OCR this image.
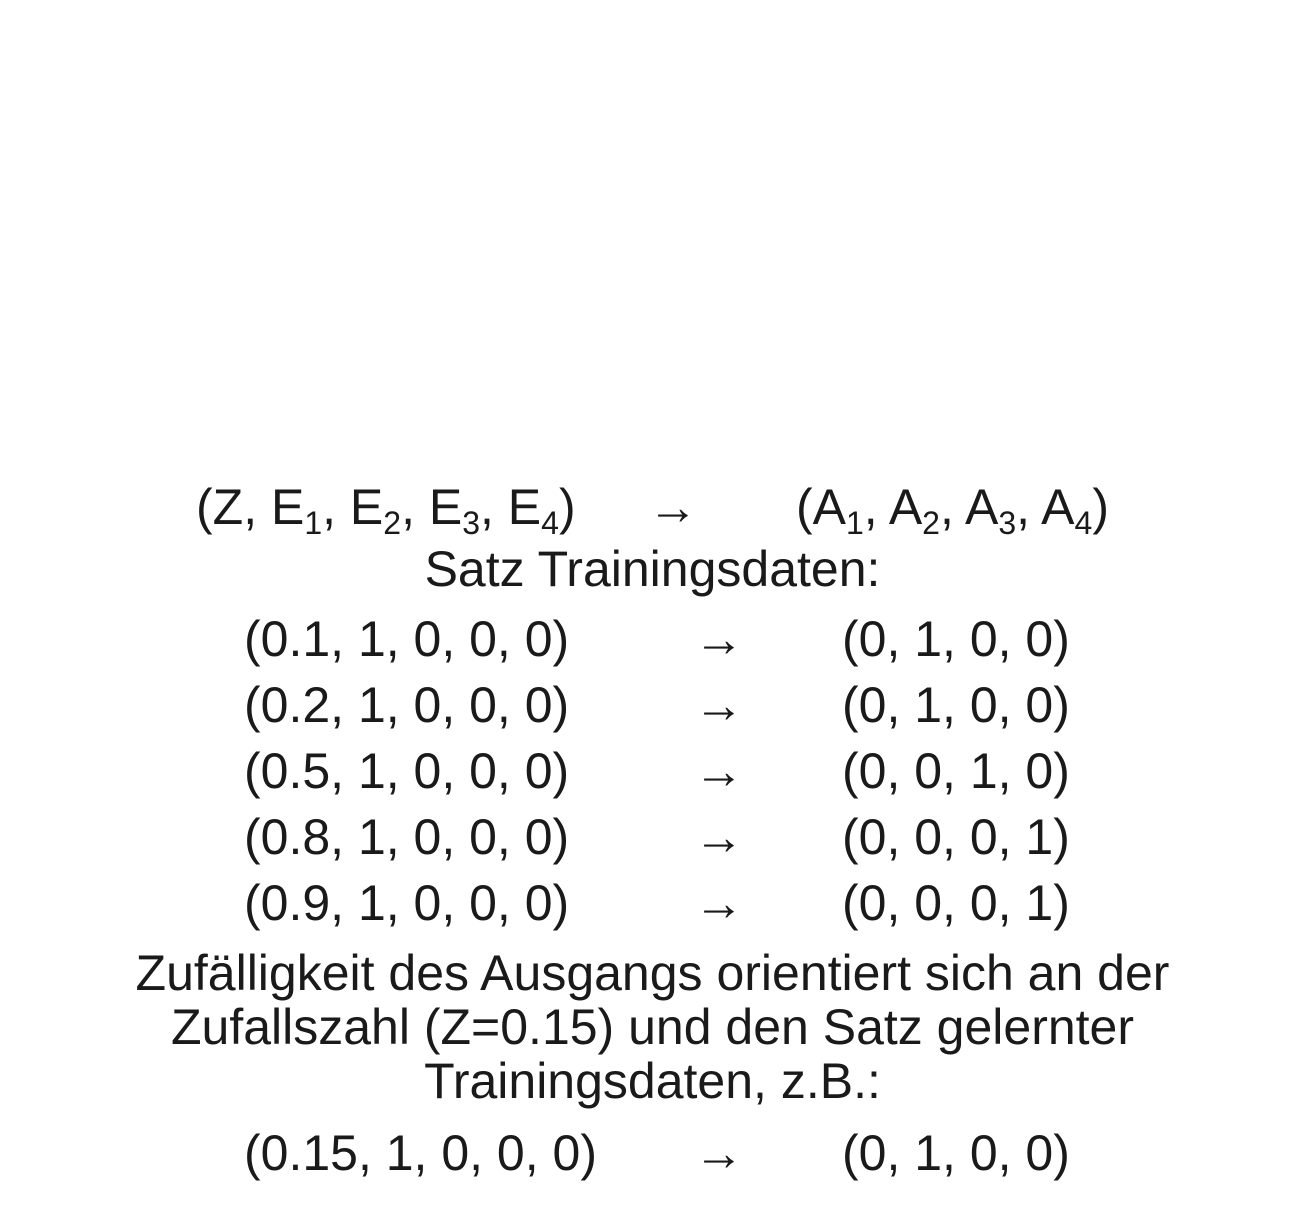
(Z, $E_1$, $E_2$, $E_3$, $E_4) \to (A_1$, $A_2$, $A_3$, $A_4$)
Satz Trainingsdaten:
(0.1, 1, 0, 0, 0) → (0, 1, 0, 0)
(0.2, 1, 0, 0, 0) → (0, 1, 0, 0)
(0.5, 1, 0, 0, 0) → (0, 0, 1, 0)
(0.8, 1, 0, 0, 0) → (0, 0, 0, 1)
(0.9, 1, 0, 0, 0) → (0, 0, 0, 1)
Zufälligkeit des Ausgangs orientiert sich an der
Zufallszahl (Z=0.15) und den Satz gelernter
Trainingsdaten, z.B.:
(0.15, 1, 0, 0, 0) → (0, 1, 0, 0)
